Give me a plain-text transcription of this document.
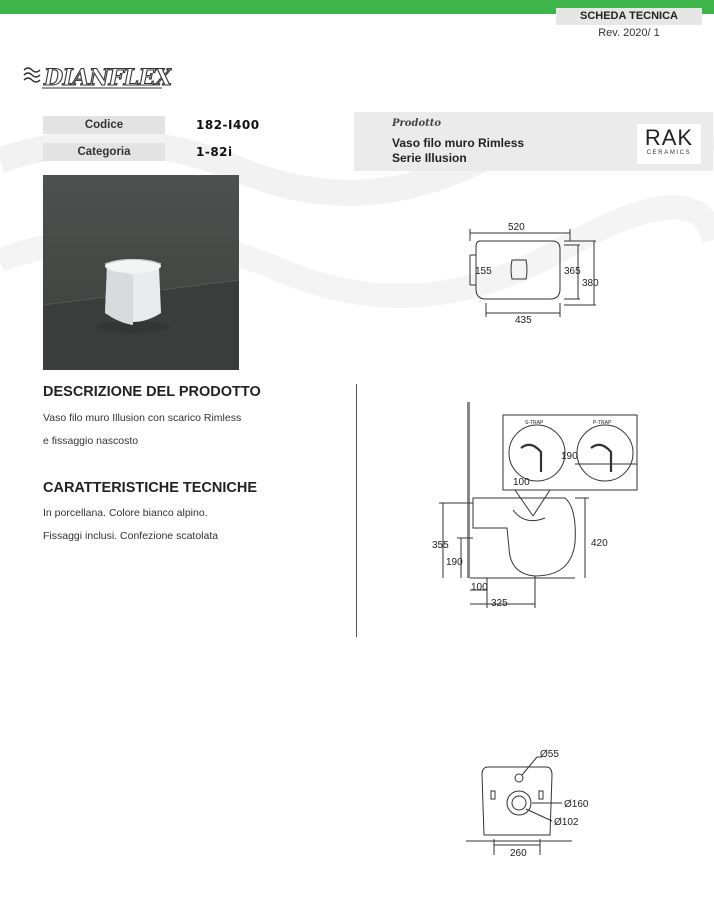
SCHEDA TECNICA
Rev. 2020/ 1
DIANFLEX
Codice	182-I400
Categoria	1-82i
Prodotto
Vaso filo muro Rimless
Serie Illusion
RAK
CERAMICS
DESCRIZIONE DEL PRODOTTO
Vaso filo muro Illusion con scarico Rimless
e fissaggio nascosto
CARATTERISTICHE TECNICHE
In porcellana. Colore bianco alpino.
Fissaggi inclusi. Confezione scatolata
520
155	365
380
435
S-TRAP	P-TRAP
190
100
355
190
420
100
325
Ø55
Ø160
Ø102
260
